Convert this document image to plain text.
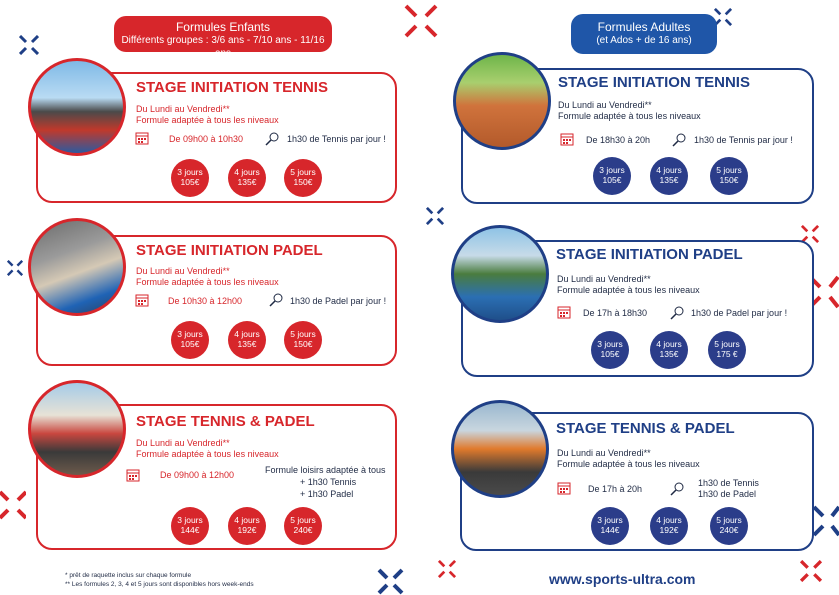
Formules Enfants
Différents groupes : 3/6 ans - 7/10 ans - 11/16 ans
Formules Adultes
(et Ados + de 16 ans)
STAGE INITIATION TENNIS
Du Lundi au Vendredi**
Formule adaptée à tous les niveaux
De 09h00 à 10h30	1h30 de Tennis par jour !
3 jours
105€
4 jours
135€
5 jours
150€
STAGE INITIATION PADEL
Du Lundi au Vendredi**
Formule adaptée à tous les niveaux
De 10h30 à 12h00	1h30 de Padel par jour !
3 jours
105€
4 jours
135€
5 jours
150€
STAGE TENNIS & PADEL
Du Lundi au Vendredi**
Formule adaptée à tous les niveaux
De 09h00 à 12h00	Formule loisirs adaptée à tous
+ 1h30 Tennis
+ 1h30 Padel
3 jours
144€
4 jours
192€
5 jours
240€
* prêt de raquette inclus sur chaque formule
** Les formules 2, 3, 4 et 5 jours sont disponibles hors week-ends
STAGE INITIATION TENNIS
Du Lundi au Vendredi**
Formule adaptée à tous les niveaux
De 18h30 à 20h	1h30 de Tennis par jour !
3 jours
105€
4 jours
135€
5 jours
150€
STAGE INITIATION PADEL
Du Lundi au Vendredi**
Formule adaptée à tous les niveaux
De 17h à 18h30	1h30 de Padel par jour !
3 jours
105€
4 jours
135€
5 jours
175 €
STAGE TENNIS & PADEL
Du Lundi au Vendredi**
Formule adaptée à tous les niveaux
De 17h à 20h
1h30 de Tennis
1h30 de Padel
3 jours
144€
4 jours
192€
5 jours
240€
www.sports-ultra.com
